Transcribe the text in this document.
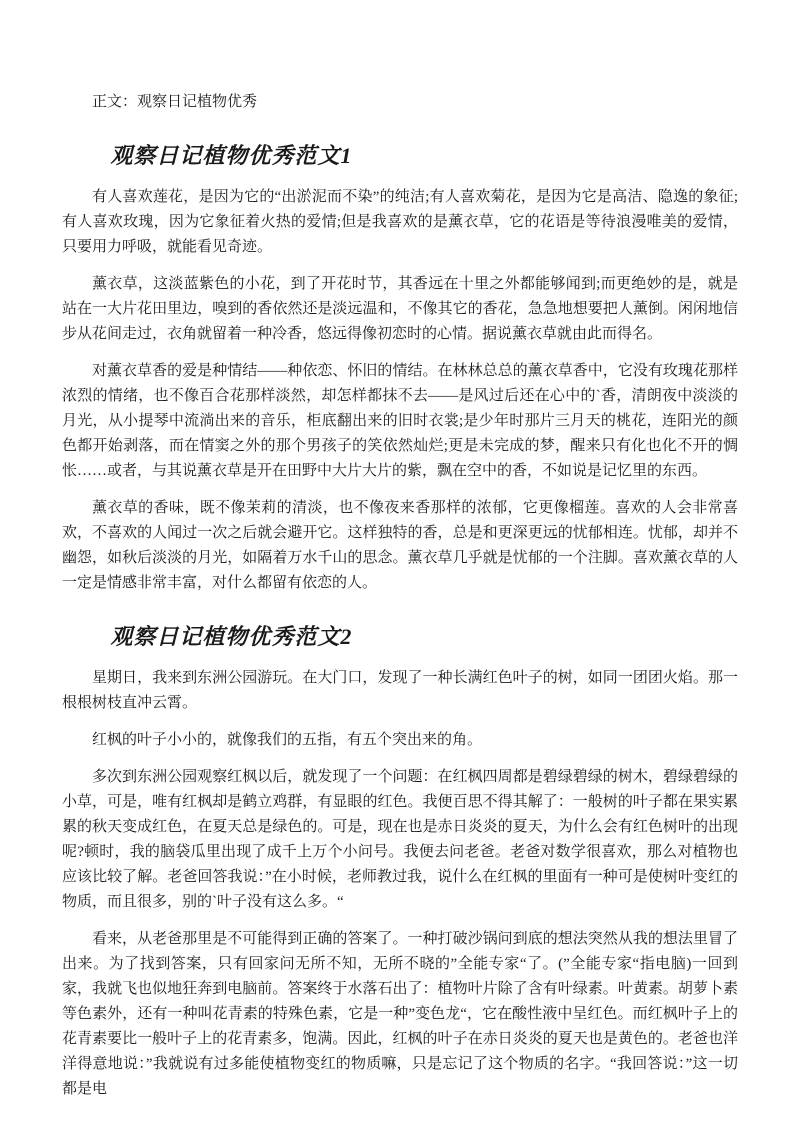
正文：观察日记植物优秀

观察日记植物优秀范文1

有人喜欢莲花，是因为它的“出淤泥而不染”的纯洁;有人喜欢菊花，是因为它是高洁、隐逸的象征;有人喜欢玫瑰，因为它象征着火热的爱情;但是我喜欢的是薰衣草，它的花语是等待浪漫唯美的爱情，只要用力呼吸，就能看见奇迹。

薰衣草，这淡蓝紫色的小花，到了开花时节，其香远在十里之外都能够闻到;而更绝妙的是，就是站在一大片花田里边，嗅到的香依然还是淡远温和，不像其它的香花，急急地想要把人薰倒。闲闲地信步从花间走过，衣角就留着一种冷香，悠远得像初恋时的心情。据说薰衣草就由此而得名。

对薰衣草香的爱是种情结——种依恋、怀旧的情结。在林林总总的薰衣草香中，它没有玫瑰花那样浓烈的情绪，也不像百合花那样淡然，却怎样都抹不去——是风过后还在心中的`香，清朗夜中淡淡的月光，从小提琴中流淌出来的音乐，柜底翻出来的旧时衣裳;是少年时那片三月天的桃花，连阳光的颜色都开始剥落，而在情窦之外的那个男孩子的笑依然灿烂;更是未完成的梦，醒来只有化也化不开的惆怅……或者，与其说薰衣草是开在田野中大片大片的紫，飘在空中的香，不如说是记忆里的东西。

薰衣草的香味，既不像茉莉的清淡，也不像夜来香那样的浓郁，它更像榴莲。喜欢的人会非常喜欢，不喜欢的人闻过一次之后就会避开它。这样独特的香，总是和更深更远的忧郁相连。忧郁，却并不幽怨，如秋后淡淡的月光，如隔着万水千山的思念。薰衣草几乎就是忧郁的一个注脚。喜欢薰衣草的人一定是情感非常丰富，对什么都留有依恋的人。

观察日记植物优秀范文2

星期日，我来到东洲公园游玩。在大门口，发现了一种长满红色叶子的树，如同一团团火焰。那一根根树枝直冲云霄。

红枫的叶子小小的，就像我们的五指，有五个突出来的角。

多次到东洲公园观察红枫以后，就发现了一个问题：在红枫四周都是碧绿碧绿的树木，碧绿碧绿的小草，可是，唯有红枫却是鹤立鸡群，有显眼的红色。我便百思不得其解了：一般树的叶子都在果实累累的秋天变成红色，在夏天总是绿色的。可是，现在也是赤日炎炎的夏天，为什么会有红色树叶的出现呢?顿时，我的脑袋瓜里出现了成千上万个小问号。我便去问老爸。老爸对数学很喜欢，那么对植物也应该比较了解。老爸回答我说：”在小时候，老师教过我，说什么在红枫的里面有一种可是使树叶变红的物质，而且很多，别的`叶子没有这么多。“

看来，从老爸那里是不可能得到正确的答案了。一种打破沙锅问到底的想法突然从我的想法里冒了出来。为了找到答案，只有回家问无所不知，无所不晓的”全能专家“了。(”全能专家“指电脑)一回到家，我就飞也似地狂奔到电脑前。答案终于水落石出了：植物叶片除了含有叶绿素。叶黄素。胡萝卜素等色素外，还有一种叫花青素的特殊色素，它是一种”变色龙“，它在酸性液中呈红色。而红枫叶子上的花青素要比一般叶子上的花青素多，饱满。因此，红枫的叶子在赤日炎炎的夏天也是黄色的。老爸也洋洋得意地说：”我就说有过多能使植物变红的物质嘛，只是忘记了这个物质的名字。“我回答说：”这一切都是电
